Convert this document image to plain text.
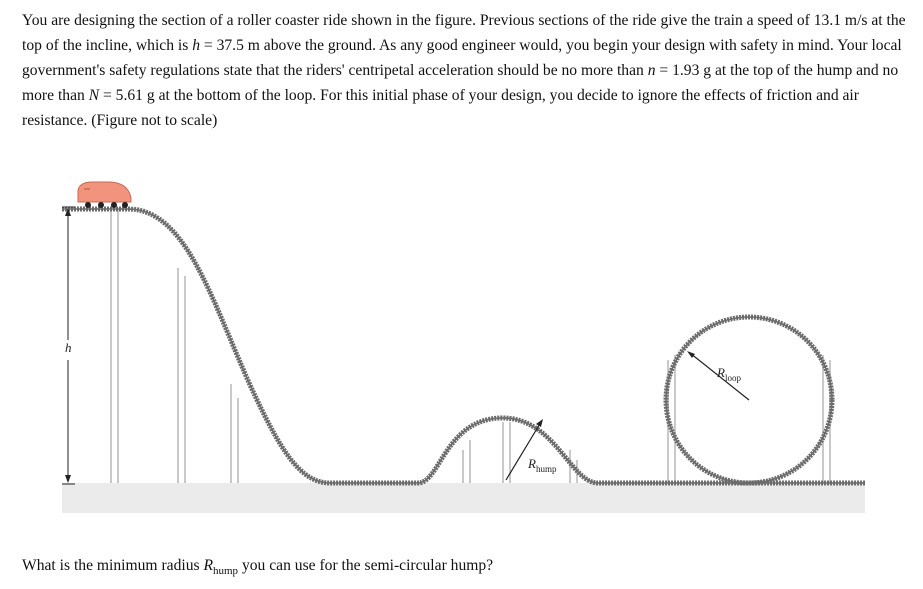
You are designing the section of a roller coaster ride shown in the figure. Previous sections of the ride give the train a speed of 13.1 m/s at the top of the incline, which is h = 37.5 m above the ground. As any good engineer would, you begin your design with safety in mind. Your local government's safety regulations state that the riders' centripetal acceleration should be no more than n = 1.93 g at the top of the hump and no more than N = 5.61 g at the bottom of the loop. For this initial phase of your design, you decide to ignore the effects of friction and air resistance. (Figure not to scale)

h
$R_{hump}$
$R_{loop}$

What is the minimum radius $R_{hump}$ you can use for the semi-circular hump?
